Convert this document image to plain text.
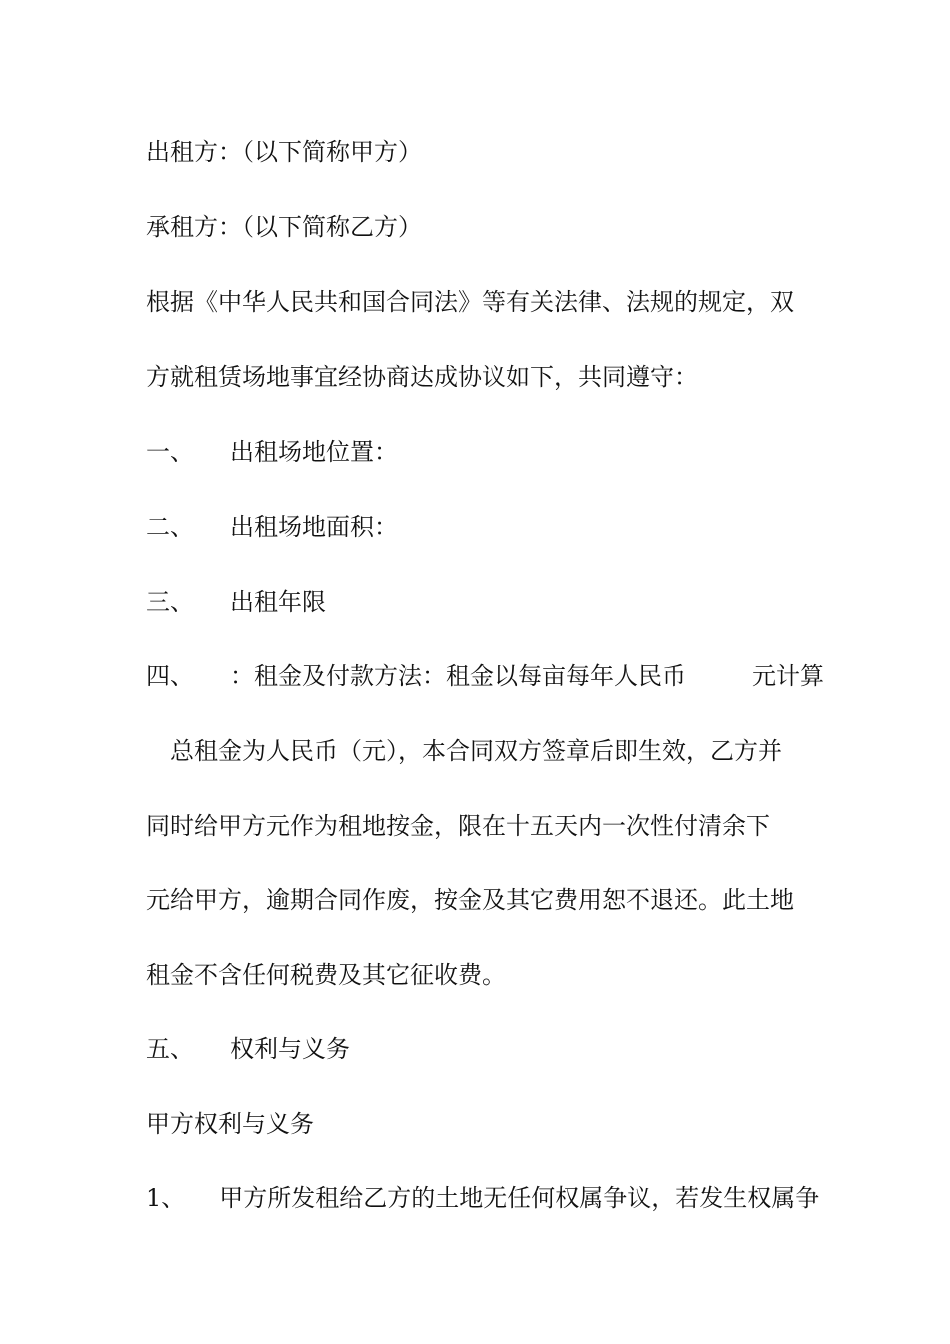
出租方：（以下简称甲方）
承租方：（以下简称乙方）
根据《中华人民共和国合同法》等有关法律、法规的规定，双
方就租赁场地事宜经协商达成协议如下，共同遵守：
一、 出租场地位置：
二、 出租场地面积：
三、 出租年限
四、 ：租金及付款方法：租金以每亩每年人民币	元计算
总租金为人民币（元），本合同双方签章后即生效，乙方并
同时给甲方元作为租地按金，限在十五天内一次性付清余下
元给甲方，逾期合同作废，按金及其它费用恕不退还。此土地
租金不含任何税费及其它征收费。
五、 权利与义务
甲方权利与义务
1、 甲方所发租给乙方的土地无任何权属争议，若发生权属争
